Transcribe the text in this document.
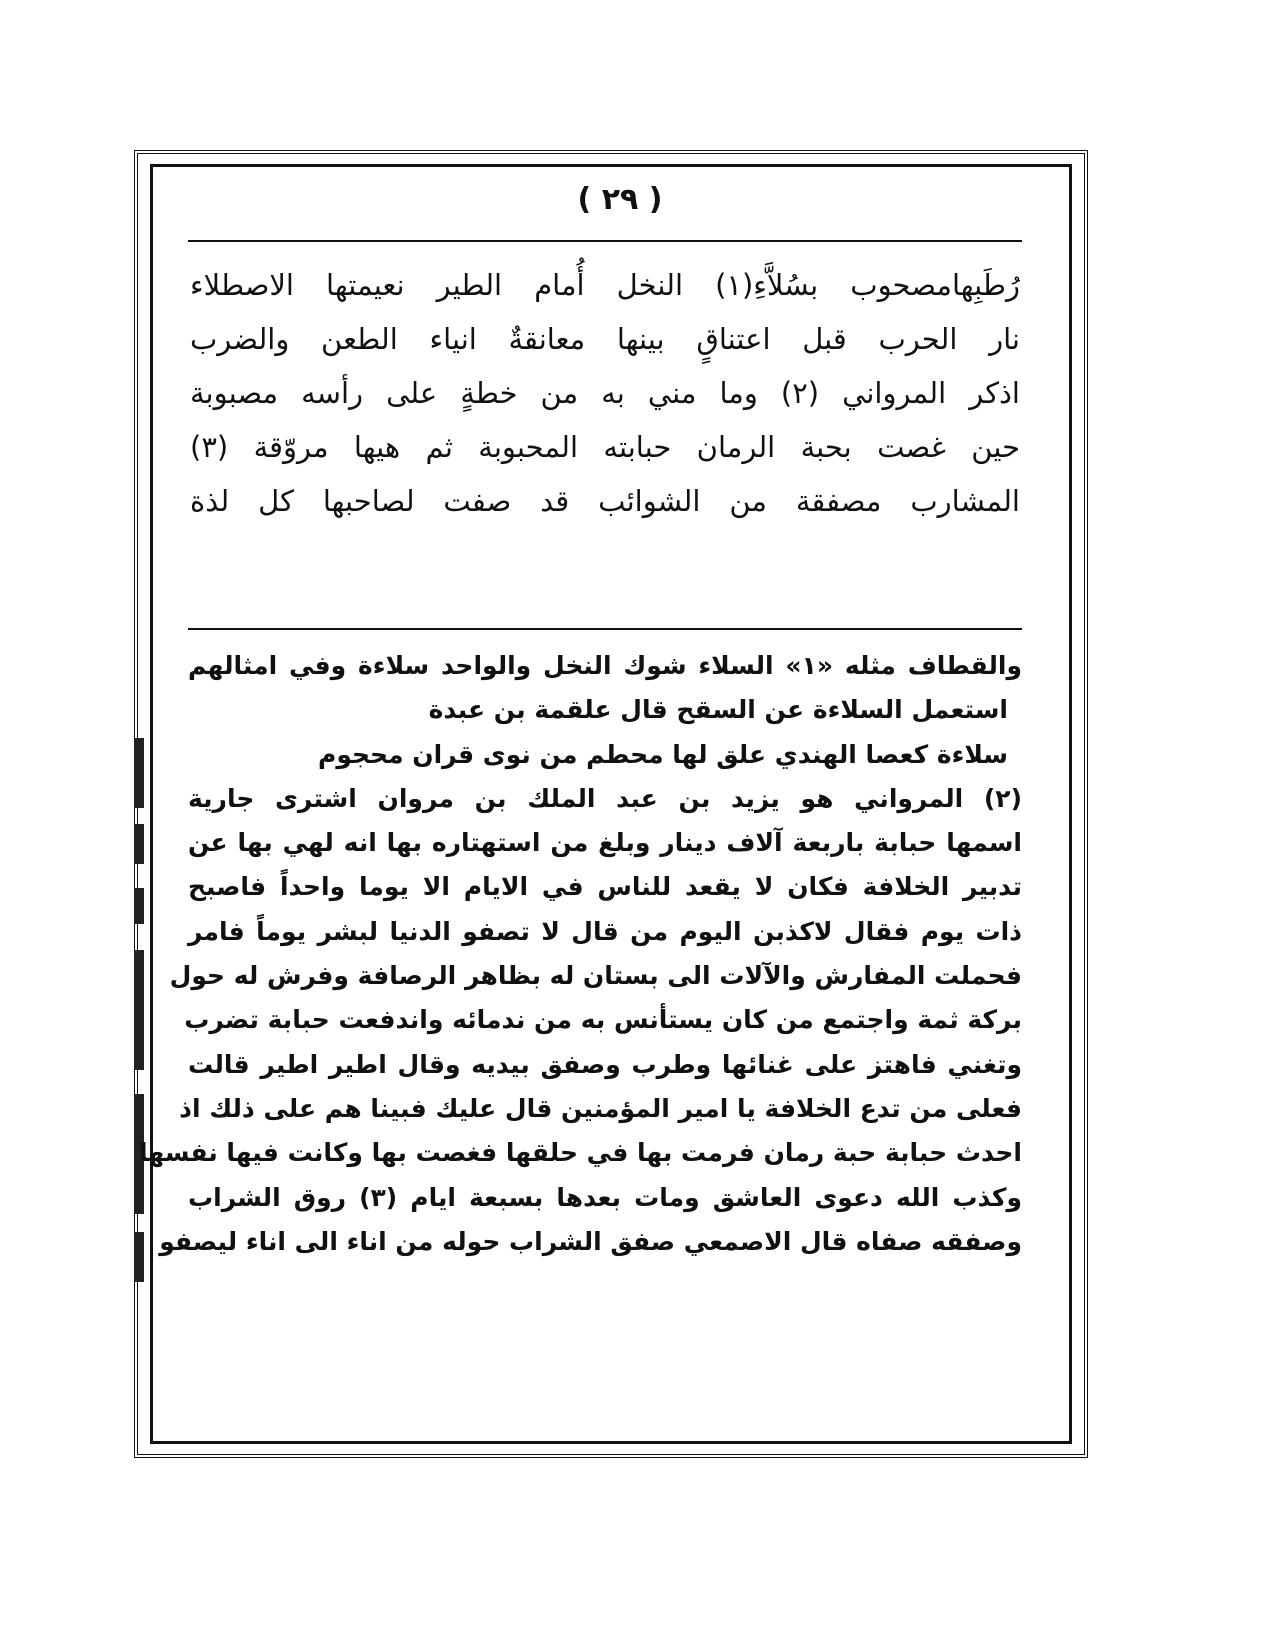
( ٢٩ )
رُطَبِهامصحوب بسُلاَّءِ(١) النخل أُمام الطير نعيمتها الاصطلاء
نار الحرب قبل اعتناقٍ بينها معانقةٌ انياء الطعن والضرب
اذكر المرواني (٢) وما مني به من خطةٍ على رأسه مصبوبة
حين غصت بحبة الرمان حبابته المحبوبة ثم هيها مروّقة (٣)
المشارب مصفقة من الشوائب قد صفت لصاحبها كل لذة
والقطاف مثله «١» السلاء شوك النخل والواحد سلاءة وفي امثالهم
استعمل السلاءة عن السقح قال علقمة بن عبدة
سلاءة كعصا الهندي علق لها محطم من نوى قران محجوم
(٢) المرواني هو يزيد بن عبد الملك بن مروان اشترى جارية
اسمها حبابة باربعة آلاف دينار وبلغ من استهتاره بها انه لهي بها عن
تدبير الخلافة فكان لا يقعد للناس في الايام الا يوما واحداً فاصبح
ذات يوم فقال لاكذبن اليوم من قال لا تصفو الدنيا لبشر يوماً فامر
فحملت المفارش والآلات الى بستان له بظاهر الرصافة وفرش له حول
بركة ثمة واجتمع من كان يستأنس به من ندمائه واندفعت حبابة تضرب
وتغني فاهتز على غنائها وطرب وصفق بيديه وقال اطير اطير قالت
فعلى من تدع الخلافة يا امير المؤمنين قال عليك فبينا هم على ذلك اذ
احدث حبابة حبة رمان فرمت بها في حلقها فغصت بها وكانت فيها نفسها
وكذب الله دعوى العاشق ومات بعدها بسبعة ايام (٣) روق الشراب
وصفقه صفاه قال الاصمعي صفق الشراب حوله من اناء الى اناء ليصفو
